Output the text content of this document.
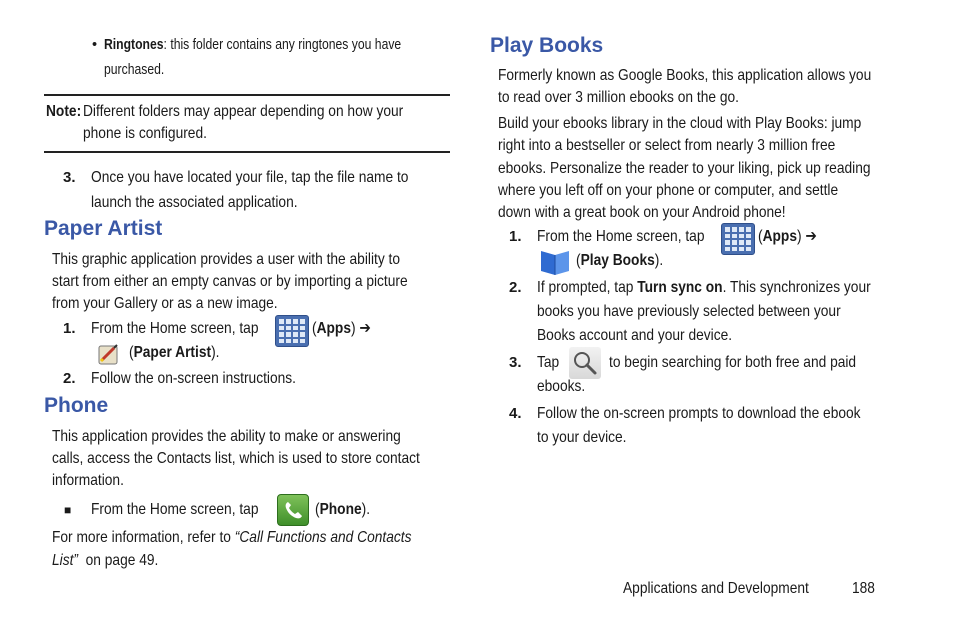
• Ringtones: this folder contains any ringtones you have
purchased.
Note: Different folders may appear depending on how your
phone is configured.
3. Once you have located your file, tap the file name to
launch the associated application.
Paper Artist
This graphic application provides a user with the ability to
start from either an empty canvas or by importing a picture
from your Gallery or as a new image.
1. From the Home screen, tap	(Apps) ➔
(Paper Artist).
2. Follow the on-screen instructions.
Phone
This application provides the ability to make or answering
calls, access the Contacts list, which is used to store contact
information.
■ From the Home screen, tap	(Phone).
For more information, refer to “Call Functions and Contacts
List” on page 49.
Play Books
Formerly known as Google Books, this application allows you
to read over 3 million ebooks on the go.
Build your ebooks library in the cloud with Play Books: jump
right into a bestseller or select from nearly 3 million free
ebooks. Personalize the reader to your liking, pick up reading
where you left off on your phone or computer, and settle
down with a great book on your Android phone!
1. From the Home screen, tap	(Apps) ➔
(Play Books).
2. If prompted, tap Turn sync on. This synchronizes your
books you have previously selected between your
Books account and your device.
3. Tap	to begin searching for both free and paid
ebooks.
4. Follow the on-screen prompts to download the ebook
to your device.
Applications and Development	188
